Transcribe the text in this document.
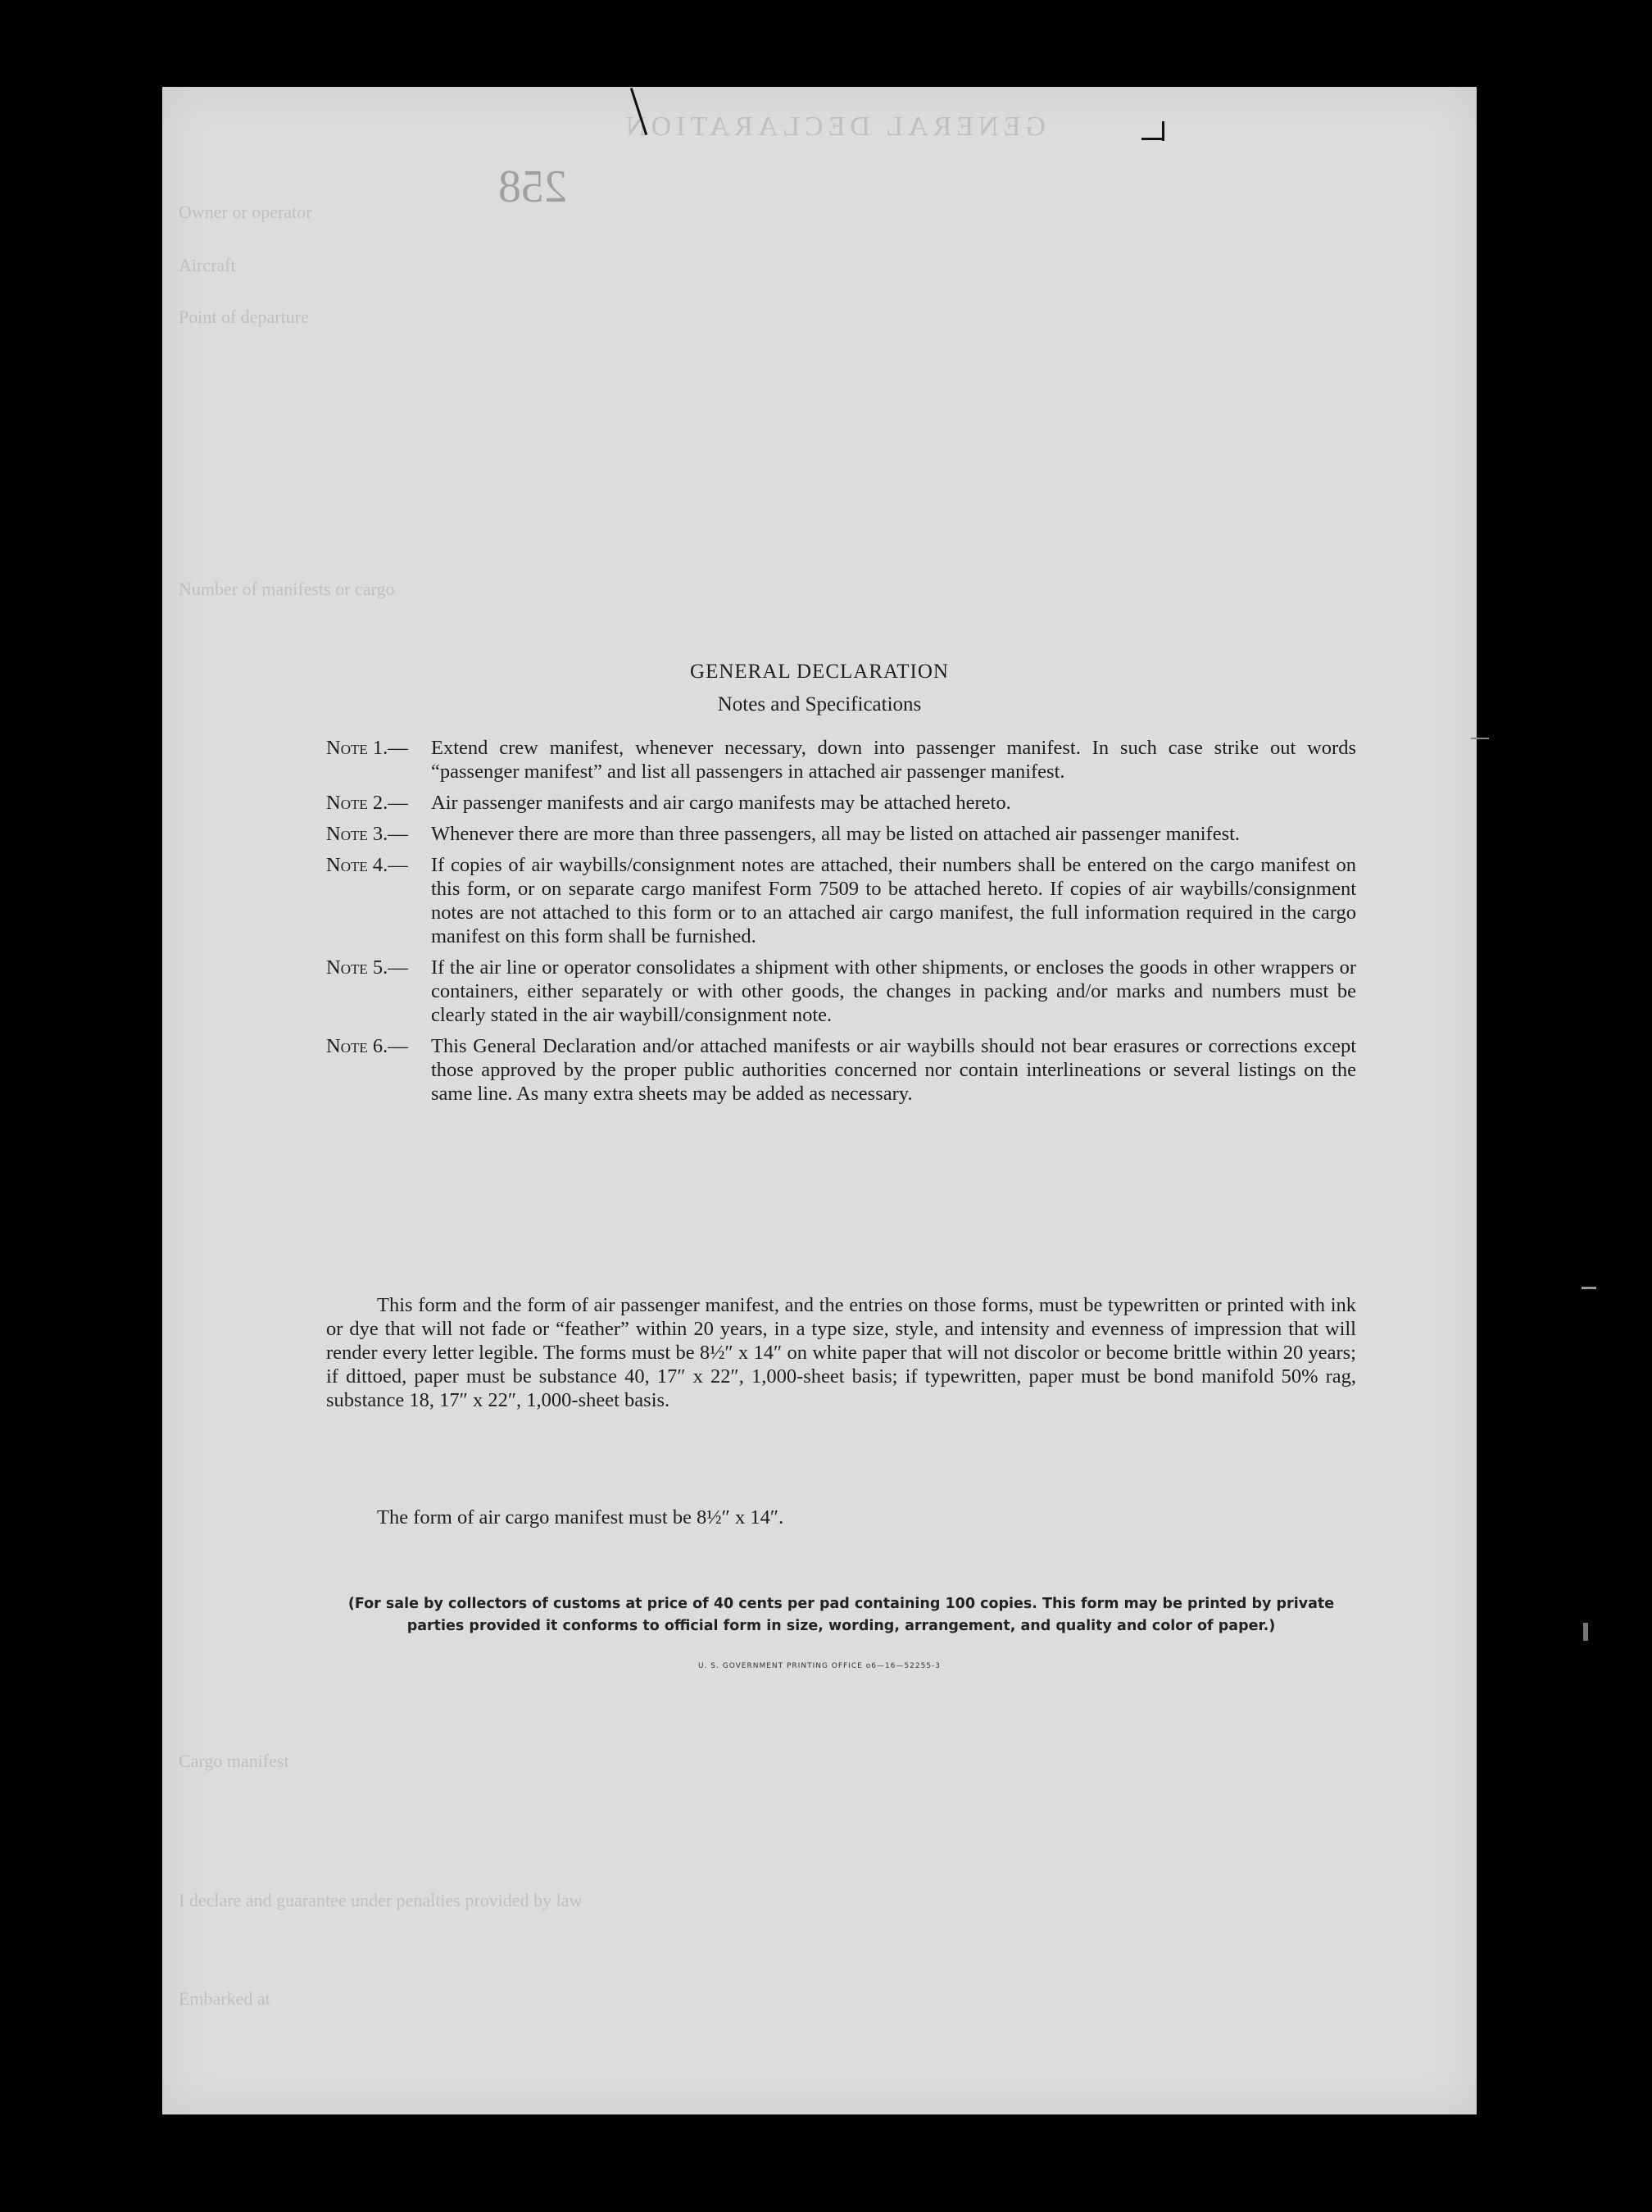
GENERAL DECLARATION
Owner or operator
Aircraft
Point of departure
Number of manifests or cargo
Cargo manifest
I declare and guarantee under penalties provided by law
Embarked at
258
GENERAL DECLARATION
Notes and Specifications
Note 1.—	Extend crew manifest, whenever necessary, down into passenger manifest. In such case strike out words “passenger manifest” and list all passengers in attached air passenger manifest.
Note 2.—	Air passenger manifests and air cargo manifests may be attached hereto.
Note 3.—	Whenever there are more than three passengers, all may be listed on attached air passenger manifest.
Note 4.—	If copies of air waybills/consignment notes are attached, their numbers shall be entered on the cargo manifest on this form, or on separate cargo manifest Form 7509 to be attached hereto. If copies of air waybills/consignment notes are not attached to this form or to an attached air cargo manifest, the full information required in the cargo manifest on this form shall be furnished.
Note 5.—	If the air line or operator consolidates a shipment with other shipments, or encloses the goods in other wrappers or containers, either separately or with other goods, the changes in packing and/or marks and numbers must be clearly stated in the air waybill/consignment note.
Note 6.—	This General Declaration and/or attached manifests or air waybills should not bear erasures or corrections except those approved by the proper public authorities concerned nor contain interlineations or several listings on the same line. As many extra sheets may be added as necessary.
This form and the form of air passenger manifest, and the entries on those forms, must be typewritten or printed with ink or dye that will not fade or “feather” within 20 years, in a type size, style, and intensity and evenness of impression that will render every letter legible. The forms must be 8½″ x 14″ on white paper that will not discolor or become brittle within 20 years; if dittoed, paper must be substance 40, 17″ x 22″, 1,000-sheet basis; if typewritten, paper must be bond manifold 50% rag, substance 18, 17″ x 22″, 1,000-sheet basis.
The form of air cargo manifest must be 8½″ x 14″.
(For sale by collectors of customs at price of 40 cents per pad containing 100 copies. This form may be printed by private parties provided it conforms to official form in size, wording, arrangement, and quality and color of paper.)
U. S. GOVERNMENT PRINTING OFFICE o6—16—52255-3
